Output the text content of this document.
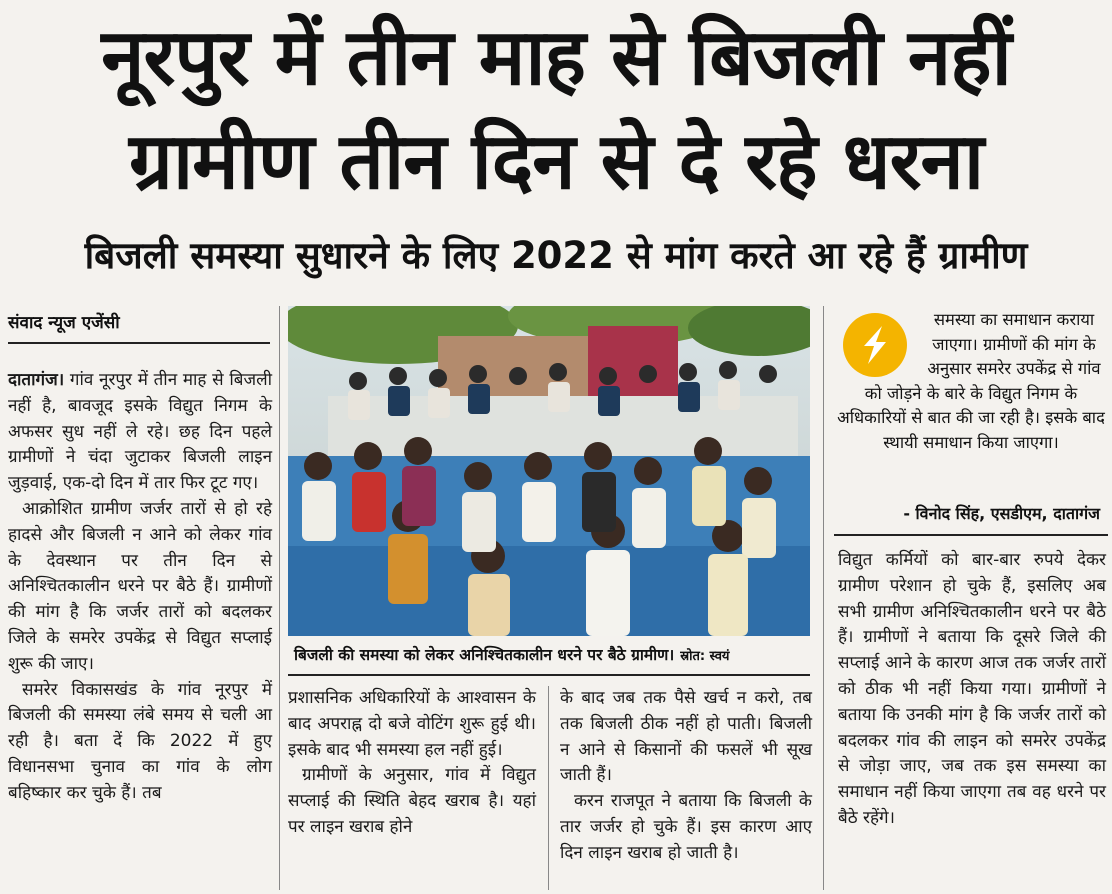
नूरपुर में तीन माह से बिजली नहीं
ग्रामीण तीन दिन से दे रहे धरना
बिजली समस्या सुधारने के लिए 2022 से मांग करते आ रहे हैं ग्रामीण
संवाद न्यूज एजेंसी

दातागंज। गांव नूरपुर में तीन माह से बिजली नहीं है, बावजूद इसके विद्युत निगम के अफसर सुध नहीं ले रहे। छह दिन पहले ग्रामीणों ने चंदा जुटाकर बिजली लाइन जुड़वाई, एक-दो दिन में तार फिर टूट गए।

आक्रोशित ग्रामीण जर्जर तारों से हो रहे हादसे और बिजली न आने को लेकर गांव के देवस्थान पर तीन दिन से अनिश्चितकालीन धरने पर बैठे हैं। ग्रामीणों की मांग है कि जर्जर तारों को बदलकर जिले के समरेर उपकेंद्र से विद्युत सप्लाई शुरू की जाए।

समरेर विकासखंड के गांव नूरपुर में बिजली की समस्या लंबे समय से चली आ रही है। बता दें कि 2022 में हुए विधानसभा चुनाव का गांव के लोग बहिष्कार कर चुके हैं। तब

बिजली की समस्या को लेकर अनिश्चितकालीन धरने पर बैठे ग्रामीण। स्रोत: स्वयं

प्रशासनिक अधिकारियों के आश्वासन के बाद अपराह्न दो बजे वोटिंग शुरू हुई थी। इसके बाद भी समस्या हल नहीं हुई।

ग्रामीणों के अनुसार, गांव में विद्युत सप्लाई की स्थिति बेहद खराब है। यहां पर लाइन खराब होने

के बाद जब तक पैसे खर्च न करो, तब तक बिजली ठीक नहीं हो पाती। बिजली न आने से किसानों की फसलें भी सूख जाती हैं।

करन राजपूत ने बताया कि बिजली के तार जर्जर हो चुके हैं। इस कारण आए दिन लाइन खराब हो जाती है।

समस्या का समाधान कराया जाएगा। ग्रामीणों की मांग के अनुसार समरेर उपकेंद्र से गांव
को जोड़ने के बारे के विद्युत निगम के अधिकारियों से बात की जा रही है। इसके बाद स्थायी समाधान किया जाएगा।
- विनोद सिंह, एसडीएम, दातागंज

विद्युत कर्मियों को बार-बार रुपये देकर ग्रामीण परेशान हो चुके हैं, इसलिए अब सभी ग्रामीण अनिश्चितकालीन धरने पर बैठे हैं। ग्रामीणों ने बताया कि दूसरे जिले की सप्लाई आने के कारण आज तक जर्जर तारों को ठीक भी नहीं किया गया। ग्रामीणों ने बताया कि उनकी मांग है कि जर्जर तारों को बदलकर गांव की लाइन को समरेर उपकेंद्र से जोड़ा जाए, जब तक इस समस्या का समाधान नहीं किया जाएगा तब वह धरने पर बैठे रहेंगे।
